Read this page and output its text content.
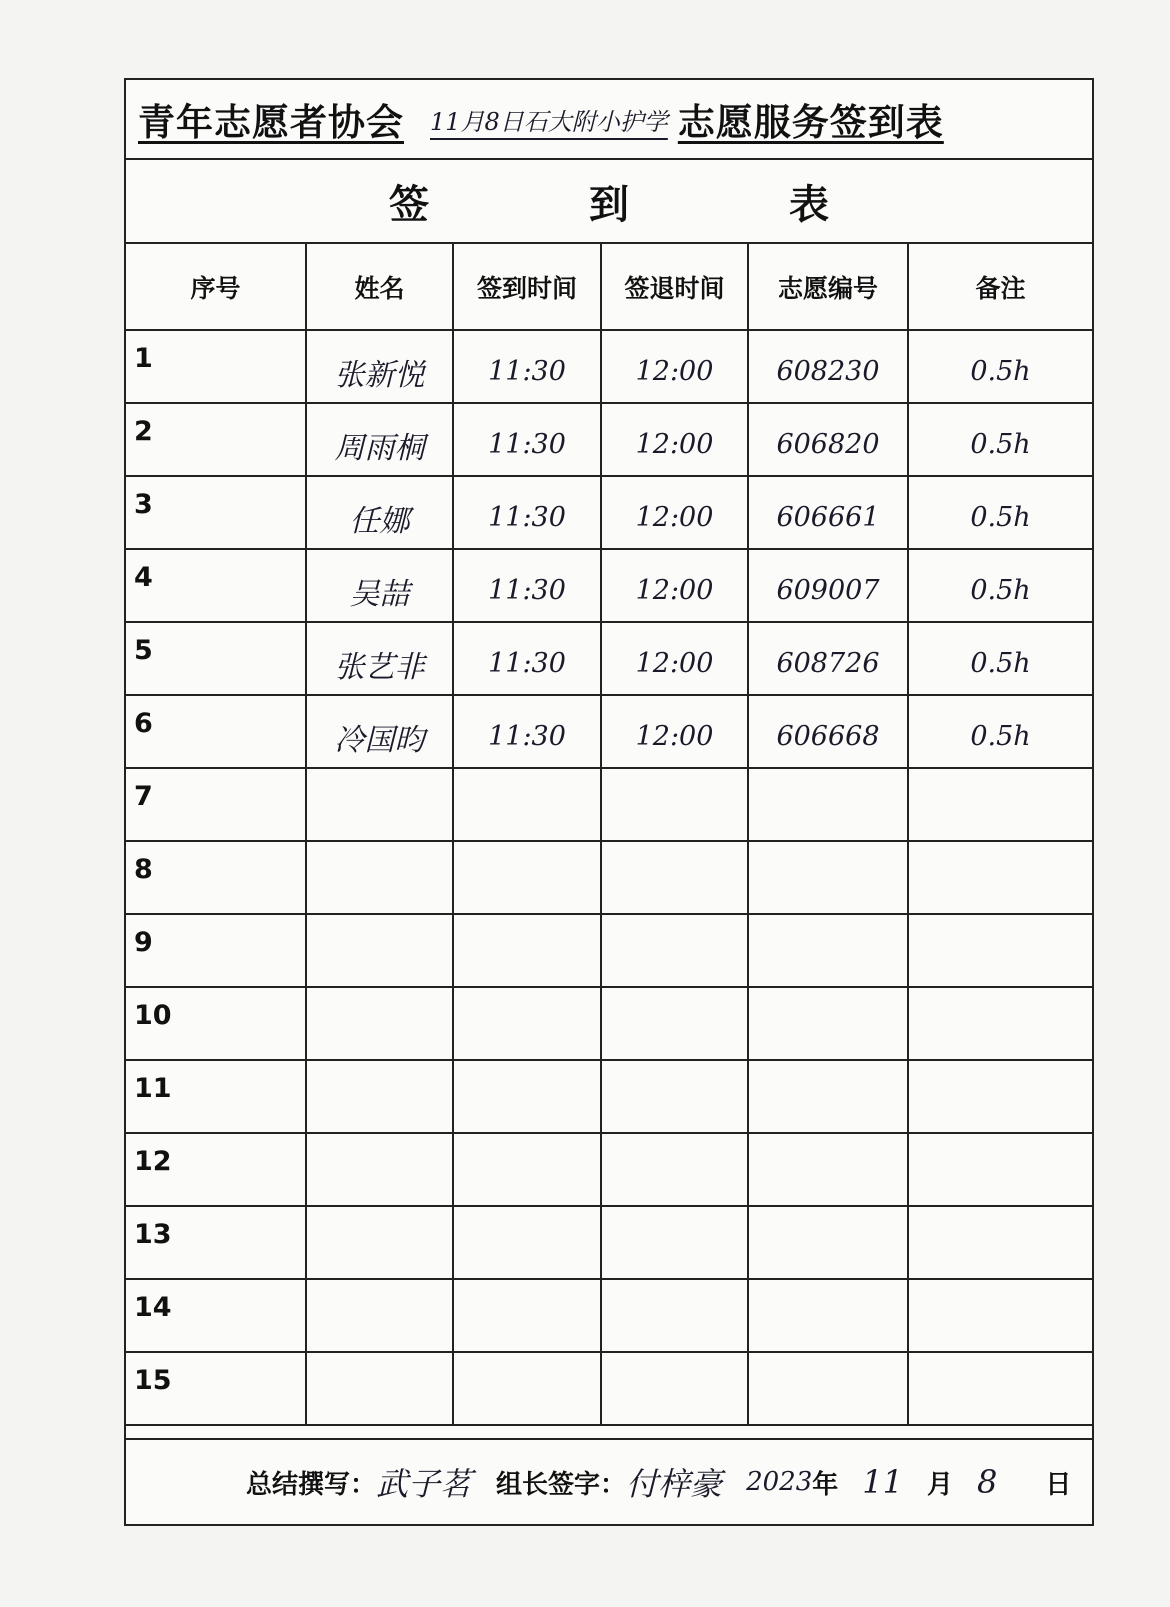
青年志愿者协会 11月8日石大附小护学 志愿服务签到表
签到表
序号	姓名	签到时间	签退时间	志愿编号	备注
1	张新悦	11:30	12:00	608230	0.5h
2	周雨桐	11:30	12:00	606820	0.5h
3	任娜	11:30	12:00	606661	0.5h
4	吴喆	11:30	12:00	609007	0.5h
5	张艺非	11:30	12:00	608726	0.5h
6	冷国昀	11:30	12:00	606668	0.5h
7					
8					
9					
10					
11					
12					
13					
14					
15					
总结撰写： 武子茗 组长签字： 付梓豪 2023 年 11 月 8 日
